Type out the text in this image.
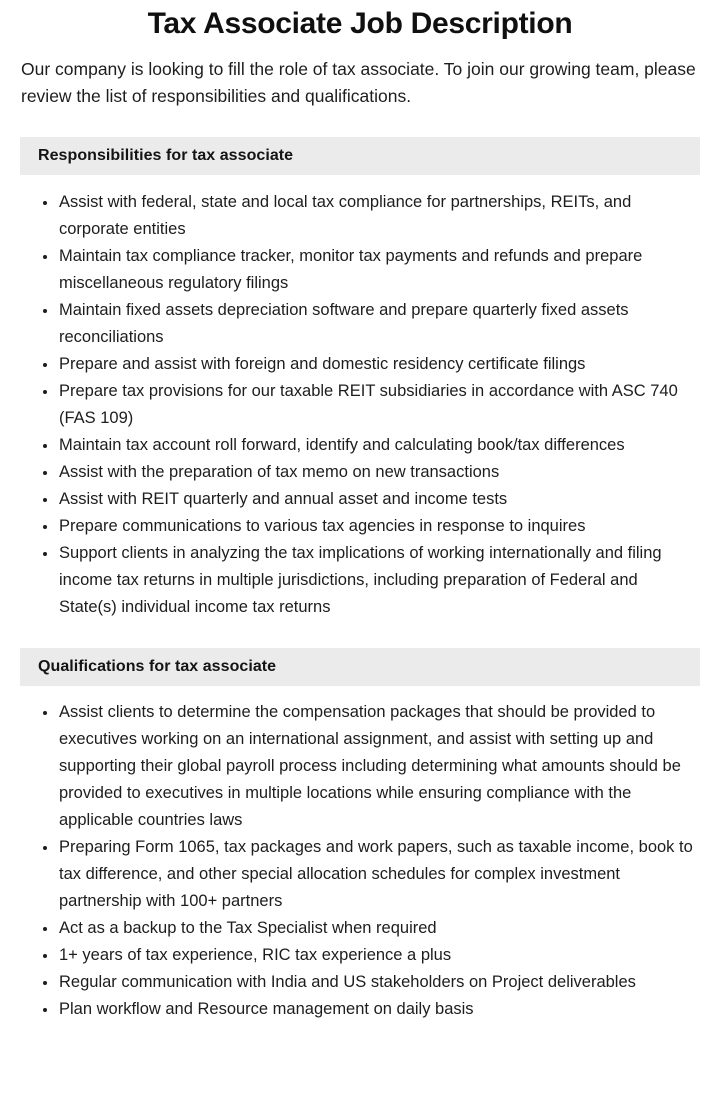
Tax Associate Job Description

Our company is looking to fill the role of tax associate. To join our growing team, please review the list of responsibilities and qualifications.

Responsibilities for tax associate
Assist with federal, state and local tax compliance for partnerships, REITs, and corporate entities
Maintain tax compliance tracker, monitor tax payments and refunds and prepare miscellaneous regulatory filings
Maintain fixed assets depreciation software and prepare quarterly fixed assets reconciliations
Prepare and assist with foreign and domestic residency certificate filings
Prepare tax provisions for our taxable REIT subsidiaries in accordance with ASC 740 (FAS 109)
Maintain tax account roll forward, identify and calculating book/tax differences
Assist with the preparation of tax memo on new transactions
Assist with REIT quarterly and annual asset and income tests
Prepare communications to various tax agencies in response to inquires
Support clients in analyzing the tax implications of working internationally and filing income tax returns in multiple jurisdictions, including preparation of Federal and State(s) individual income tax returns
Qualifications for tax associate
Assist clients to determine the compensation packages that should be provided to executives working on an international assignment, and assist with setting up and supporting their global payroll process including determining what amounts should be provided to executives in multiple locations while ensuring compliance with the applicable countries laws
Preparing Form 1065, tax packages and work papers, such as taxable income, book to tax difference, and other special allocation schedules for complex investment partnership with 100+ partners
Act as a backup to the Tax Specialist when required
1+ years of tax experience, RIC tax experience a plus
Regular communication with India and US stakeholders on Project deliverables
Plan workflow and Resource management on daily basis
